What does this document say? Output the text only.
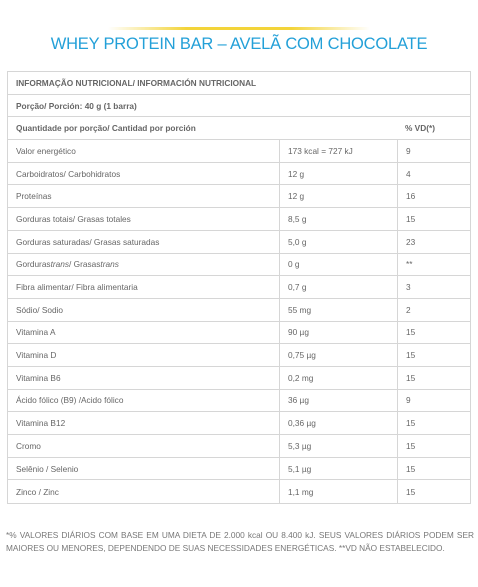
WHEY PROTEIN BAR – AVELÃ COM CHOCOLATE
INFORMAÇÃO NUTRICIONAL/ INFORMACIÓN NUTRICIONAL
Porção/ Porción: 40 g (1 barra)
Quantidade por porção/ Cantidad por porción	% VD(*)
Valor energético	173 kcal = 727 kJ	9
Carboidratos/ Carbohidratos	12 g	4
Proteínas	12 g	16
Gorduras totais/ Grasas totales	8,5 g	15
Gorduras saturadas/ Grasas saturadas	5,0 g	23
Gorduras trans / Grasas trans	0 g	**
Fibra alimentar/ Fibra alimentaria	0,7 g	3
Sódio/ Sodio	55 mg	2
Vitamina A	90 µg	15
Vitamina D	0,75 µg	15
Vitamina B6	0,2 mg	15
Ácido fólico (B9) /Acido fólico	36 µg	9
Vitamina B12	0,36 µg	15
Cromo	5,3 µg	15
Selênio / Selenio	5,1 µg	15
Zinco / Zinc	1,1 mg	15
*% VALORES DIÁRIOS COM BASE EM UMA DIETA DE 2.000 kcal OU 8.400 kJ. SEUS VALORES DIÁRIOS PODEM SER MAIORES OU MENORES, DEPENDENDO DE SUAS NECESSIDADES ENERGÉTICAS. **VD NÃO ESTABELECIDO.
